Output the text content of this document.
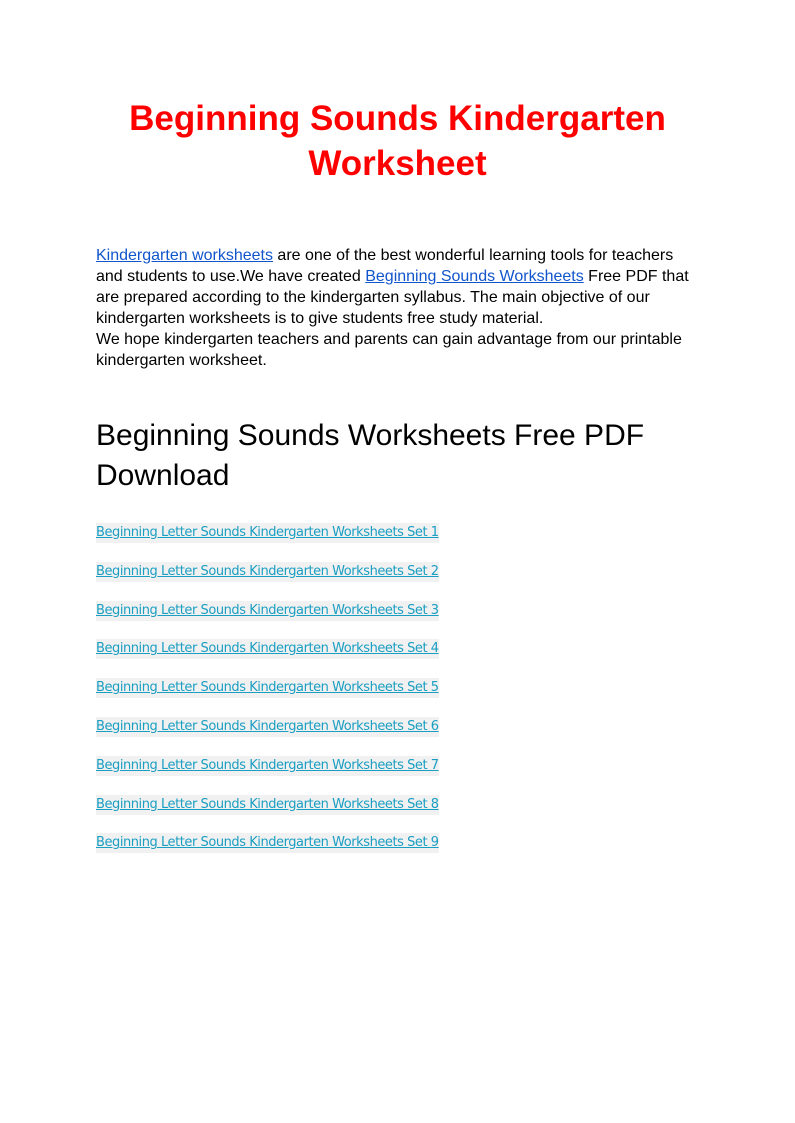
Beginning Sounds Kindergarten Worksheet

Kindergarten worksheets are one of the best wonderful learning tools for teachers and students to use.We have created Beginning Sounds Worksheets Free PDF that are prepared according to the kindergarten syllabus. The main objective of our kindergarten worksheets is to give students free study material.
We hope kindergarten teachers and parents can gain advantage from our printable kindergarten worksheet.

Beginning Sounds Worksheets Free PDF Download
Beginning Letter Sounds Kindergarten Worksheets Set 1
Beginning Letter Sounds Kindergarten Worksheets Set 2
Beginning Letter Sounds Kindergarten Worksheets Set 3
Beginning Letter Sounds Kindergarten Worksheets Set 4
Beginning Letter Sounds Kindergarten Worksheets Set 5
Beginning Letter Sounds Kindergarten Worksheets Set 6
Beginning Letter Sounds Kindergarten Worksheets Set 7
Beginning Letter Sounds Kindergarten Worksheets Set 8
Beginning Letter Sounds Kindergarten Worksheets Set 9
